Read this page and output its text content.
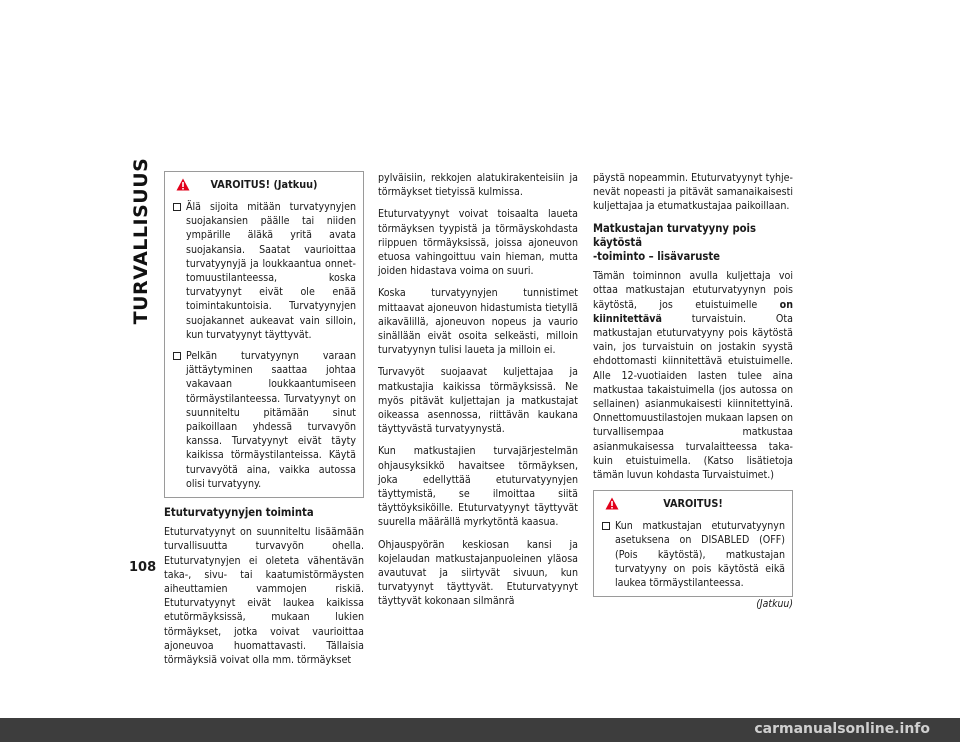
TURVALLISUUS
108
VAROITUS! (Jatkuu)

Älä sijoita mitään turvatyynyjen suojakansien päälle tai niiden ympärille äläkä yritä avata suojakansia. Saatat vaurioittaa turvatyynyjä ja loukkaantua onnettomuustilanteessa, koska turvatyynyt eivät ole enää toimintakuntoisia. Turvatyynyjen suojakannet aukeavat vain silloin, kun turvatyynyt täyttyvät.

Pelkän turvatyynyn varaan jättäytyminen saattaa johtaa vakavaan loukkaantumiseen törmäystilanteessa. Turvatyynyt on suunniteltu pitämään sinut paikoillaan yhdessä turvavyön kanssa. Turvatyynyt eivät täyty kaikissa törmäystilanteissa. Käytä turvavyötä aina, vaikka autossa olisi turvatyyny.

Etuturvatyynyjen toiminta

Etuturvatyynyt on suunniteltu lisäämään turvallisuutta turvavyön ohella. Etuturvatynyjen ei oleteta vähentävän taka-, sivu- tai kaatumistörmäysten aiheuttamien vammojen riskiä. Etuturvatyynyt eivät laukea kaikissa etutörmäyksissä, mukaan lukien törmäykset, jotka voivat vaurioittaa ajoneuvoa huomattavasti. Tällaisia törmäyksiä voivat olla mm. törmäykset

pylväisiin, rekkojen alatukirakenteisiin ja törmäykset tietyissä kulmissa.

Etuturvatyynyt voivat toisaalta laueta törmäyksen tyypistä ja törmäyskohdasta riippuen törmäyksissä, joissa ajoneuvon etuosa vahingoittuu vain hieman, mutta joiden hidastava voima on suuri.

Koska turvatyynyjen tunnistimet mittaavat ajoneuvon hidastumista tietyllä aikavälillä, ajoneuvon nopeus ja vaurio sinällään eivät osoita selkeästi, milloin turvatyynyn tulisi laueta ja milloin ei.

Turvavyöt suojaavat kuljettajaa ja matkustajia kaikissa törmäyksissä. Ne myös pitävät kuljettajan ja matkustajat oikeassa asennossa, riittävän kaukana täyttyvästä turvatyynystä.

Kun matkustajien turvajärjestelmän ohjausyksikkö havaitsee törmäyksen, joka edellyttää etuturvatyynyjen täyttymistä, se ilmoittaa siitä täyttöyksiköille. Etuturvatyynyt täyttyvät suurella määrällä myrkytöntä kaasua.

Ohjauspyörän keskiosan kansi ja kojelaudan matkustajanpuoleinen yläosa avautuvat ja siirtyvät sivuun, kun turvatyynyt täyttyvät. Etuturvatyynyt täyttyvät kokonaan silmänrä

päystä nopeammin. Etuturvatyynyt tyhjenevät nopeasti ja pitävät samanaikaisesti kuljettajaa ja etumatkustajaa paikoillaan.

Matkustajan turvatyyny pois käytöstä
-toiminto – lisävaruste

Tämän toiminnon avulla kuljettaja voi ottaa matkustajan etuturvatyynyn pois käytöstä, jos etuistuimelle on kiinnitettävä turvaistuin. Ota matkustajan etuturvatyyny pois käytöstä vain, jos turvaistuin on jostakin syystä ehdottomasti kiinnitettävä etuistuimelle. Alle 12-vuotiaiden lasten tulee aina matkustaa takaistuimella (jos autossa on sellainen) asianmukaisesti kiinnitettyinä. Onnettomuustilastojen mukaan lapsen on turvallisempaa matkustaa asianmukaisessa turvalaitteessa taka- kuin etuistuimella. (Katso lisätietoja tämän luvun kohdasta Turvaistuimet.)

VAROITUS!

Kun matkustajan etuturvatyynyn asetuksena on DISABLED (OFF) (Pois käytöstä), matkustajan turvatyyny on pois käytöstä eikä laukea törmäystilanteessa.

(Jatkuu)

carmanualsonline.info
